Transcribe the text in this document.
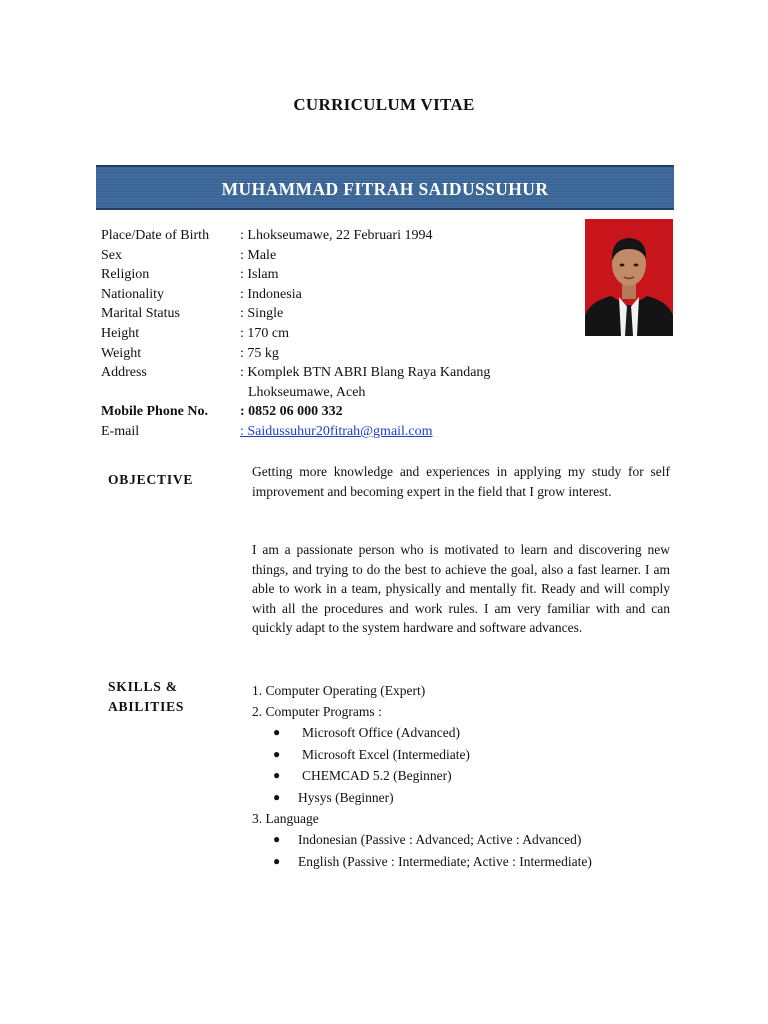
CURRICULUM VITAE
MUHAMMAD FITRAH SAIDUSSUHUR
Place/Date of Birth : Lhokseumawe, 22 Februari 1994
Sex	: Male
Religion	: Islam
Nationality	: Indonesia
Marital Status	: Single
Height	: 170 cm
Weight	: 75 kg
Address	: Komplek BTN ABRI Blang Raya Kandang
Lhokseumawe, Aceh
Mobile Phone No. : 0852 06 000 332
E-mail	: Saidussuhur20fitrah@gmail.com
OBJECTIVE
Getting more knowledge and experiences in applying my study for self improvement and becoming expert in the field that I grow interest.
I am a passionate person who is motivated to learn and discovering new things, and trying to do the best to achieve the goal, also a fast learner. I am able to work in a team, physically and mentally fit. Ready and will comply with all the procedures and work rules. I am very familiar with and can quickly adapt to the system hardware and software advances.
SKILLS &
ABILITIES
1. Computer Operating (Expert)
2. Computer Programs :
● Microsoft Office (Advanced)
● Microsoft Excel (Intermediate)
● CHEMCAD 5.2 (Beginner)
● Hysys (Beginner)
3. Language
● Indonesian (Passive : Advanced; Active : Advanced)
● English (Passive : Intermediate; Active : Intermediate)
